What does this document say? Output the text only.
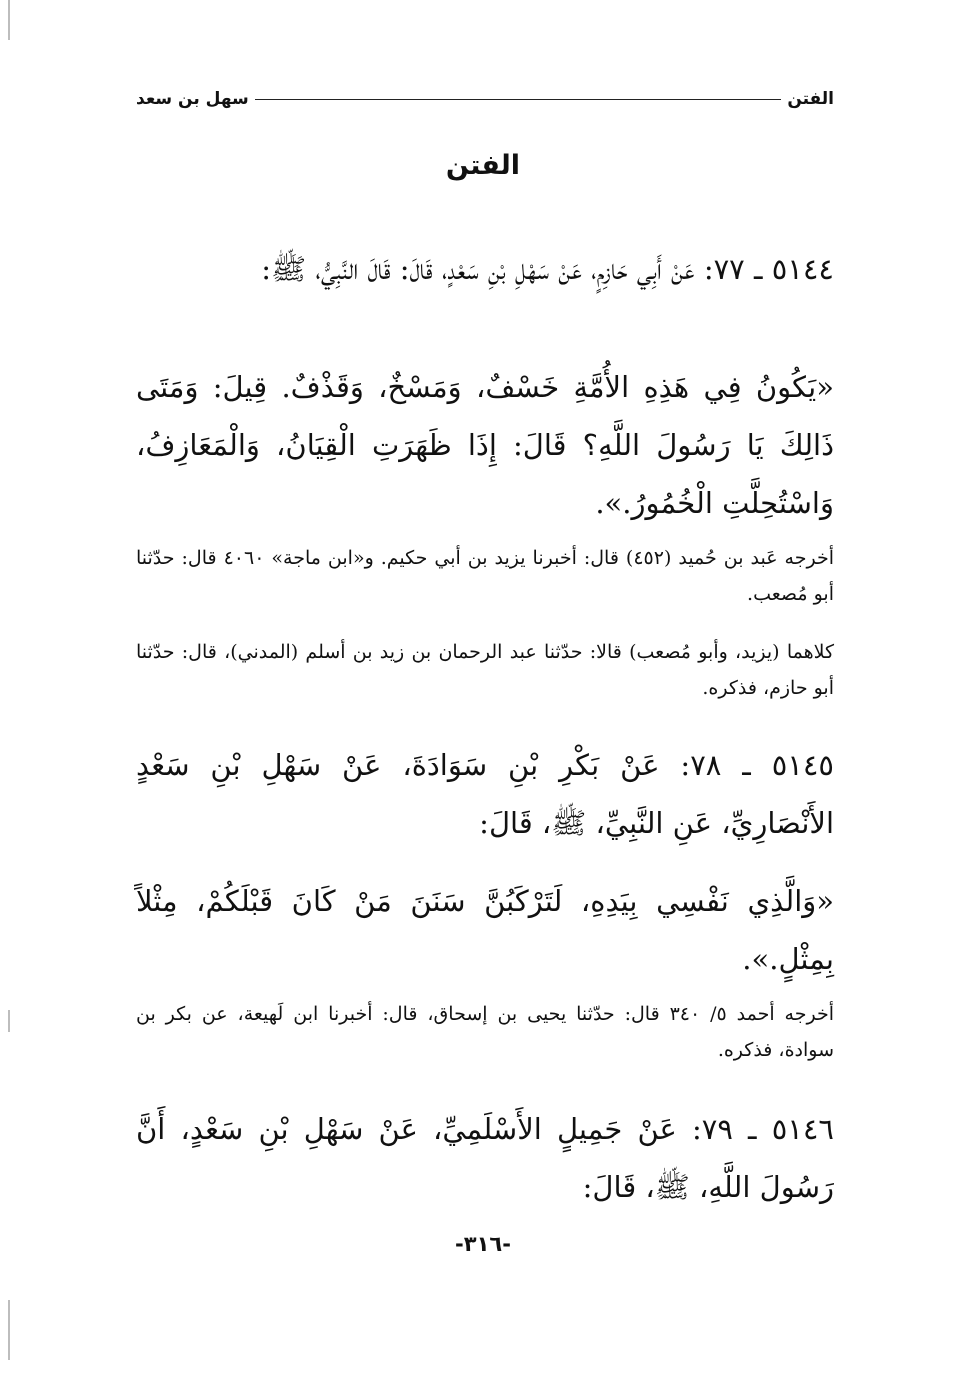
الفتن
سهل بن سعد
الفتن
٥١٤٤ ـ ٧٧: عَنْ أَبِي حَازِمٍ، عَنْ سَهْلِ بْنِ سَعْدٍ، قَالَ: قَالَ النَّبِيُّ، ﷺ:
«يَكُونُ فِي هَذِهِ الأُمَّةِ خَسْفٌ، وَمَسْخٌ، وَقَذْفٌ. قِيلَ: وَمَتَى ذَالِكَ يَا رَسُولَ اللَّهِ؟ قَالَ: إِذَا ظَهَرَتِ الْقِيَانُ، وَالْمَعَازِفُ، وَاسْتُحِلَّتِ الْخُمُورُ.».
أخرجه عَبد بن حُميد (٤٥٢) قال: أخبرنا يزيد بن أبي حكيم. و«ابن ماجة» ٤٠٦٠ قال: حدّثنا أبو مُصعب.
كلاهما (يزيد، وأبو مُصعب) قالا: حدّثنا عبد الرحمان بن زيد بن أسلم (المدني)، قال: حدّثنا أبو حازم، فذكره.
٥١٤٥ ـ ٧٨: عَنْ بَكْرِ بْنِ سَوَادَةَ، عَنْ سَهْلِ بْنِ سَعْدٍ الأَنْصَارِيِّ، عَنِ النَّبِيِّ، ﷺ، قَالَ:
«وَالَّذِي نَفْسِي بِيَدِهِ، لَتَرْكَبُنَّ سَنَنَ مَنْ كَانَ قَبْلَكُمْ، مِثْلاً بِمِثْلٍ.».
أخرجه أحمد ٥/ ٣٤٠ قال: حدّثنا يحيى بن إسحاق، قال: أخبرنا ابن لَهيعة، عن بكر بن سوادة، فذكره.
٥١٤٦ ـ ٧٩: عَنْ جَمِيلٍ الأَسْلَمِيِّ، عَنْ سَهْلِ بْنِ سَعْدٍ، أَنَّ رَسُولَ اللَّهِ، ﷺ، قَالَ:
-٣١٦-
